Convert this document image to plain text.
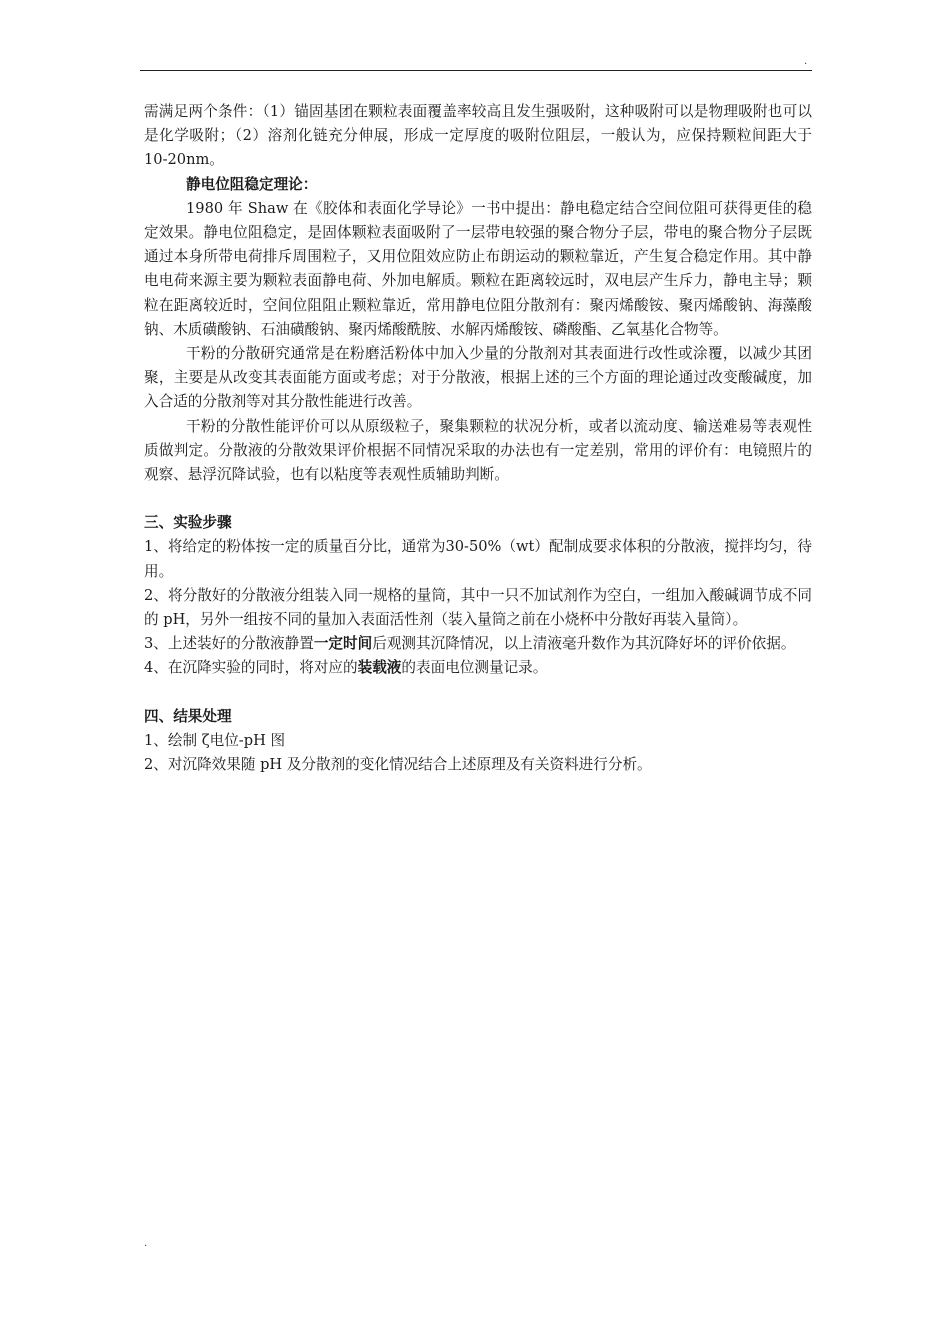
.

需满足两个条件：（1）锚固基团在颗粒表面覆盖率较高且发生强吸附，这种吸附可以是物理吸附也可以是化学吸附；（2）溶剂化链充分伸展，形成一定厚度的吸附位阻层，一般认为，应保持颗粒间距大于 10-20nm。

静电位阻稳定理论：

1980 年 Shaw 在《胶体和表面化学导论》一书中提出：静电稳定结合空间位阻可获得更佳的稳定效果。静电位阻稳定，是固体颗粒表面吸附了一层带电较强的聚合物分子层，带电的聚合物分子层既通过本身所带电荷排斥周围粒子，又用位阻效应防止布朗运动的颗粒靠近，产生复合稳定作用。其中静电电荷来源主要为颗粒表面静电荷、外加电解质。颗粒在距离较远时，双电层产生斥力，静电主导；颗粒在距离较近时，空间位阻阻止颗粒靠近，常用静电位阻分散剂有：聚丙烯酸铵、聚丙烯酸钠、海藻酸钠、木质磺酸钠、石油磺酸钠、聚丙烯酸酰胺、水解丙烯酸铵、磷酸酯、乙氧基化合物等。

干粉的分散研究通常是在粉磨活粉体中加入少量的分散剂对其表面进行改性或涂覆，以减少其团聚，主要是从改变其表面能方面或考虑；对于分散液，根据上述的三个方面的理论通过改变酸碱度，加入合适的分散剂等对其分散性能进行改善。

干粉的分散性能评价可以从原级粒子，聚集颗粒的状况分析，或者以流动度、输送难易等表观性质做判定。分散液的分散效果评价根据不同情况采取的办法也有一定差别，常用的评价有：电镜照片的观察、悬浮沉降试验，也有以粘度等表观性质辅助判断。

三、实验步骤

1、将给定的粉体按一定的质量百分比，通常为30-50%（wt）配制成要求体积的分散液，搅拌均匀，待用。

2、将分散好的分散液分组装入同一规格的量筒，其中一只不加试剂作为空白，一组加入酸碱调节成不同的 pH，另外一组按不同的量加入表面活性剂（装入量筒之前在小烧杯中分散好再装入量筒）。

3、上述装好的分散液静置一定时间后观测其沉降情况，以上清液毫升数作为其沉降好坏的评价依据。

4、在沉降实验的同时，将对应的装载液的表面电位测量记录。

四、结果处理

1、绘制 ζ电位-pH 图

2、对沉降效果随 pH 及分散剂的变化情况结合上述原理及有关资料进行分析。

.
